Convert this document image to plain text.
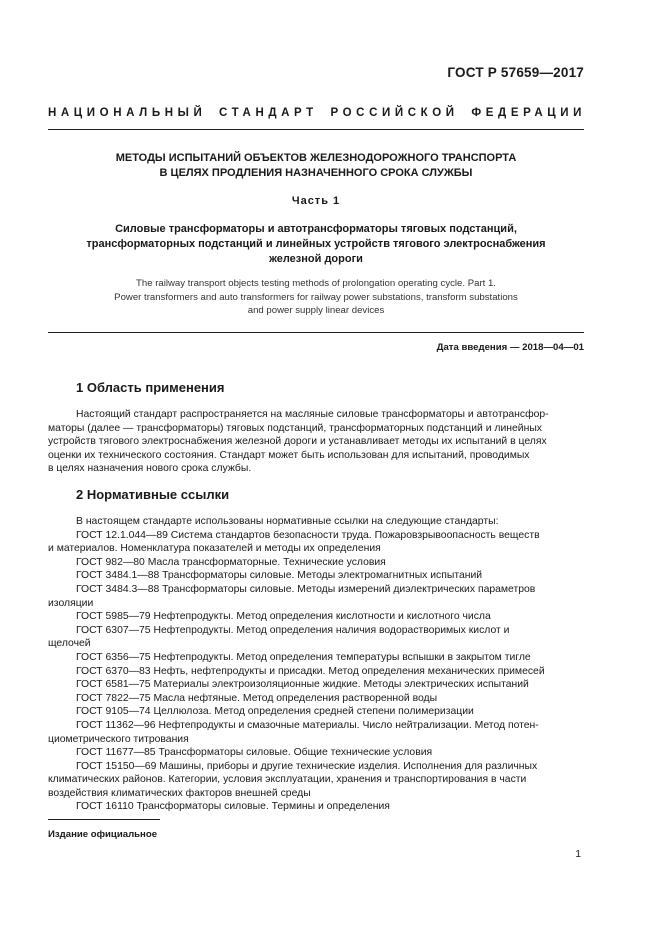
ГОСТ Р 57659—2017
НАЦИОНАЛЬНЫЙ СТАНДАРТ РОССИЙСКОЙ ФЕДЕРАЦИИ
МЕТОДЫ ИСПЫТАНИЙ ОБЪЕКТОВ ЖЕЛЕЗНОДОРОЖНОГО ТРАНСПОРТА
В ЦЕЛЯХ ПРОДЛЕНИЯ НАЗНАЧЕННОГО СРОКА СЛУЖБЫ
Часть 1
Силовые трансформаторы и автотрансформаторы тяговых подстанций,
трансформаторных подстанций и линейных устройств тягового электроснабжения
железной дороги
The railway transport objects testing methods of prolongation operating cycle. Part 1.
Power transformers and auto transformers for railway power substations, transform substations
and power supply linear devices
Дата введения — 2018—04—01
1 Область применения
Настоящий стандарт распространяется на масляные силовые трансформаторы и автотрансфор-
маторы (далее — трансформаторы) тяговых подстанций, трансформаторных подстанций и линейных
устройств тягового электроснабжения железной дороги и устанавливает методы их испытаний в целях
оценки их технического состояния. Стандарт может быть использован для испытаний, проводимых
в целях назначения нового срока службы.
2 Нормативные ссылки
В настоящем стандарте использованы нормативные ссылки на следующие стандарты:
ГОСТ 12.1.044—89 Система стандартов безопасности труда. Пожаровзрывоопасность веществ
и материалов. Номенклатура показателей и методы их определения
ГОСТ 982—80 Масла трансформаторные. Технические условия
ГОСТ 3484.1—88 Трансформаторы силовые. Методы электромагнитных испытаний
ГОСТ 3484.3—88 Трансформаторы силовые. Методы измерений диэлектрических параметров
изоляции
ГОСТ 5985—79 Нефтепродукты. Метод определения кислотности и кислотного числа
ГОСТ 6307—75 Нефтепродукты. Метод определения наличия водорастворимых кислот и
щелочей
ГОСТ 6356—75 Нефтепродукты. Метод определения температуры вспышки в закрытом тигле
ГОСТ 6370—83 Нефть, нефтепродукты и присадки. Метод определения механических примесей
ГОСТ 6581—75 Материалы электроизоляционные жидкие. Методы электрических испытаний
ГОСТ 7822—75 Масла нефтяные. Метод определения растворенной воды
ГОСТ 9105—74 Целлюлоза. Метод определения средней степени полимеризации
ГОСТ 11362—96 Нефтепродукты и смазочные материалы. Число нейтрализации. Метод потен-
циометрического титрования
ГОСТ 11677—85 Трансформаторы силовые. Общие технические условия
ГОСТ 15150—69 Машины, приборы и другие технические изделия. Исполнения для различных
климатических районов. Категории, условия эксплуатации, хранения и транспортирования в части
воздействия климатических факторов внешней среды
ГОСТ 16110 Трансформаторы силовые. Термины и определения
Издание официальное
1
